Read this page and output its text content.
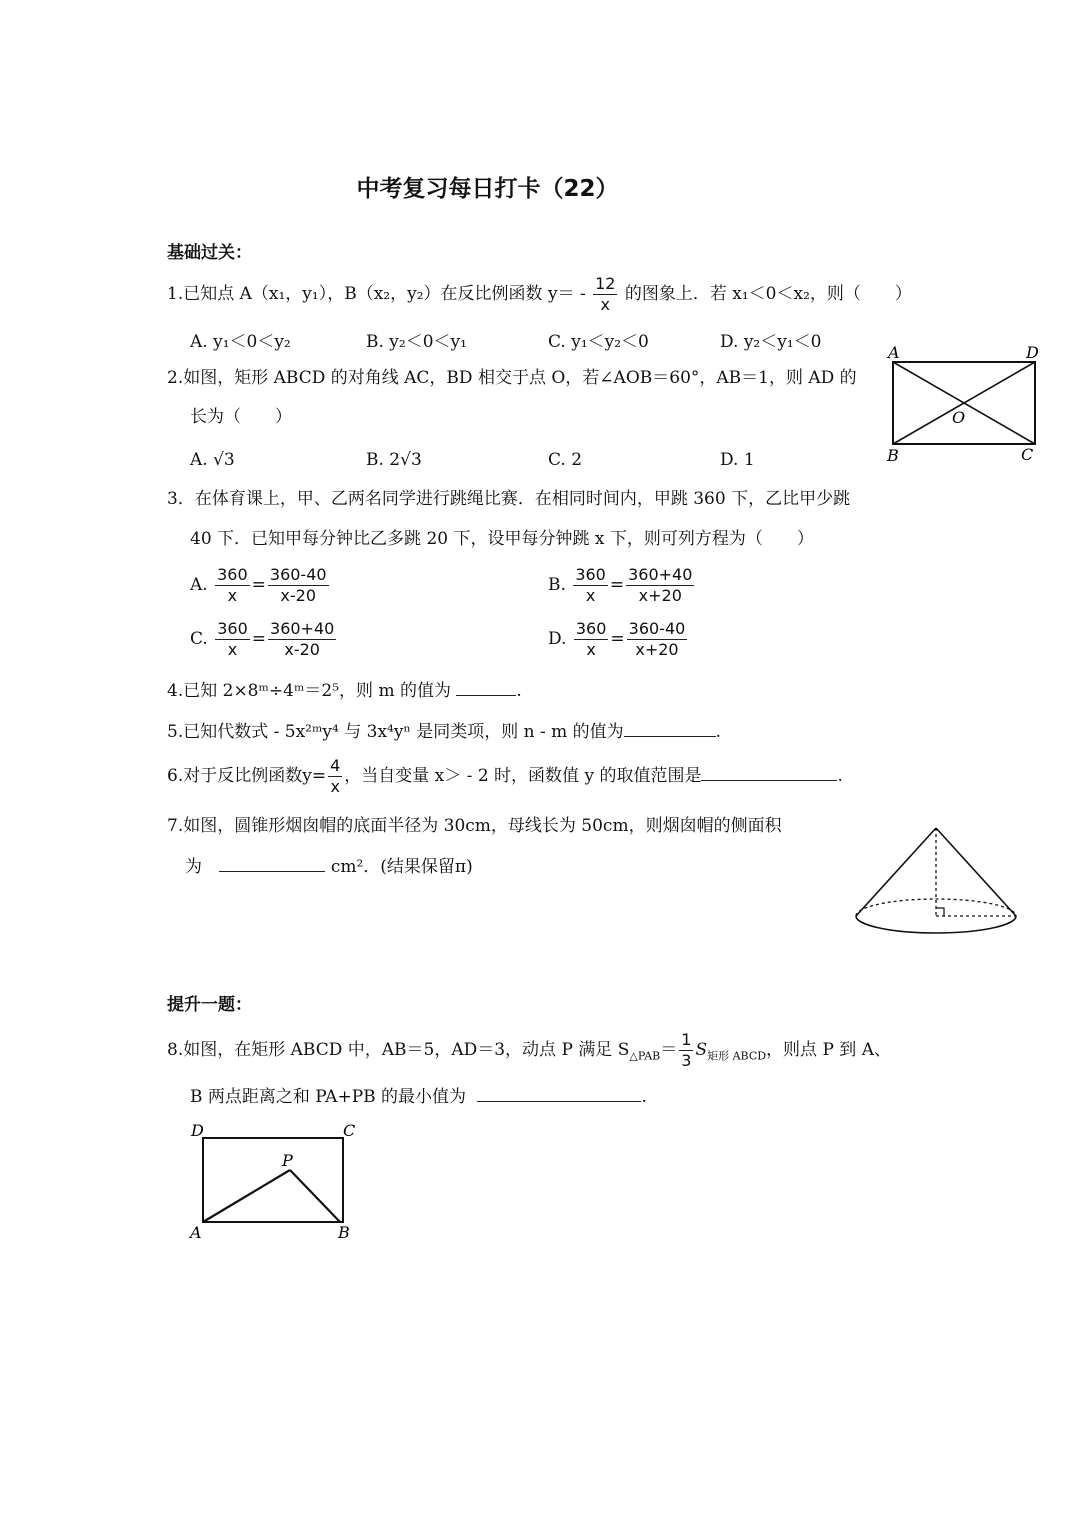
中考复习每日打卡（22）
基础过关：
1.已知点 A（x₁，y₁），B（x₂，y₂）在反比例函数 $y= - \frac{12}{x}$ 的图象上．若 x₁＜0＜x₂，则（　　）
A. y₁＜0＜y₂	B. y₂＜0＜y₁	C. y₁＜y₂＜0	D. y₂＜y₁＜0
2.如图，矩形 ABCD 的对角线 AC，BD 相交于点 O，若∠AOB＝60°，AB＝1，则 AD 的
长为（　　）
A. √3	B. 2√3	C. 2	D. 1
A	D
B	C
O
3．在体育课上，甲、乙两名同学进行跳绳比赛．在相同时间内，甲跳 360 下，乙比甲少跳
40 下．已知甲每分钟比乙多跳 20 下，设甲每分钟跳 x 下，则可列方程为（　　）
A. $\frac{360}{x} = \frac{360-40}{x-20}$	B. $\frac{360}{x} = \frac{360+40}{x+20}$
C. $\frac{360}{x} = \frac{360+40}{x-20}$	D. $\frac{360}{x} = \frac{360-40}{x+20}$
4.已知 2×8ᵐ÷4ᵐ＝2⁵，则 m 的值为	.
5.已知代数式 - 5x²ᵐy⁴ 与 3x⁴yⁿ 是同类项，则 n - m 的值为	.
6.对于反比例函数$y= \frac{4}{x}$ ，当自变量 x＞ - 2 时，函数值 y 的取值范围是	.
7.如图，圆锥形烟囱帽的底面半径为 30cm，母线长为 50cm，则烟囱帽的侧面积
为	cm²．(结果保留π)
提升一题：
8.如图，在矩形 ABCD 中，AB＝5，AD＝3，动点 P 满足 $S_{\triangle PAB}= \frac{1}{3} S_{矩形 ABCD}$，则点 P 到 A、
B 两点距离之和 PA+PB 的最小值为	.
D	C
A	B
P
